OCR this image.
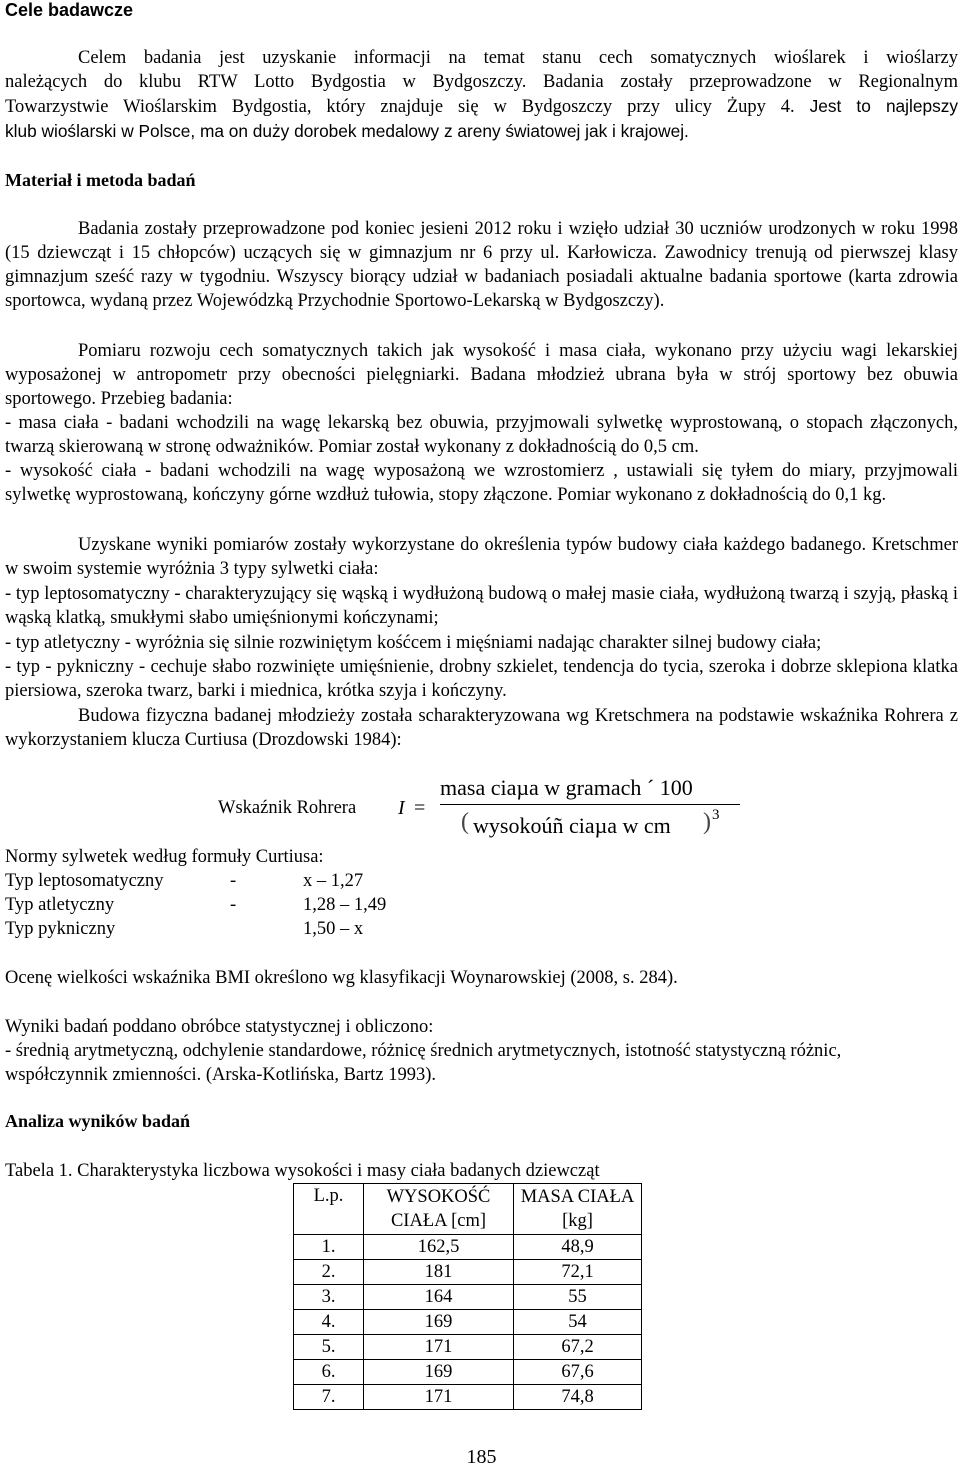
Cele badawcze
Celem badania jest uzyskanie informacji na temat stanu cech somatycznych wioślarek i wioślarzy
należących do klubu RTW Lotto Bydgostia w Bydgoszczy. Badania zostały przeprowadzone w Regionalnym
Towarzystwie Wioślarskim Bydgostia, który znajduje się w Bydgoszczy przy ulicy Żupy 4. Jest to najlepszy
klub wioślarski w Polsce, ma on duży dorobek medalowy z areny światowej jak i krajowej.
Materiał i metoda badań
Badania zostały przeprowadzone pod koniec jesieni 2012 roku i wzięło udział 30 uczniów urodzonych w roku 1998 (15 dziewcząt i 15 chłopców) uczących się w gimnazjum nr 6 przy ul. Karłowicza. Zawodnicy trenują od pierwszej klasy gimnazjum sześć razy w tygodniu. Wszyscy biorący udział w badaniach posiadali aktualne badania sportowe (karta zdrowia sportowca, wydaną przez Wojewódzką Przychodnie Sportowo-Lekarską w Bydgoszczy).
Pomiaru rozwoju cech somatycznych takich jak wysokość i masa ciała, wykonano przy użyciu wagi lekarskiej wyposażonej w antropometr przy obecności pielęgniarki. Badana młodzież ubrana była w strój sportowy bez obuwia sportowego. Przebieg badania:
- masa ciała - badani wchodzili na wagę lekarską bez obuwia, przyjmowali sylwetkę wyprostowaną, o stopach złączonych, twarzą skierowaną w stronę odważników. Pomiar został wykonany z dokładnością do 0,5 cm.
- wysokość ciała - badani wchodzili na wagę wyposażoną we wzrostomierz , ustawiali się tyłem do miary, przyjmowali sylwetkę wyprostowaną, kończyny górne wzdłuż tułowia, stopy złączone. Pomiar wykonano z dokładnością do 0,1 kg.
Uzyskane wyniki pomiarów zostały wykorzystane do określenia typów budowy ciała każdego badanego. Kretschmer w swoim systemie wyróżnia 3 typy sylwetki ciała:
- typ leptosomatyczny - charakteryzujący się wąską i wydłużoną budową o małej masie ciała, wydłużoną twarzą i szyją, płaską i wąską klatką, smukłymi słabo umięśnionymi kończynami;
- typ atletyczny - wyróżnia się silnie rozwiniętym kośćcem i mięśniami nadając charakter silnej budowy ciała;
- typ - pykniczny - cechuje słabo rozwinięte umięśnienie, drobny szkielet, tendencja do tycia, szeroka i dobrze sklepiona klatka piersiowa, szeroka twarz, barki i miednica, krótka szyja i kończyny.
Budowa fizyczna badanej młodzieży została scharakteryzowana wg Kretschmera na podstawie wskaźnika Rohrera z wykorzystaniem klucza Curtiusa (Drozdowski 1984):
Wskaźnik Rohrera I =
masa ciaµa w gramach ´ 100
( wysokoúñ ciaµa w cm ) 3
Normy sylwetek według formuły Curtiusa:
Typ leptosomatyczny	-	x – 1,27
Typ atletyczny	-	1,28 – 1,49
Typ pykniczny	1,50 – x
Ocenę wielkości wskaźnika BMI określono wg klasyfikacji Woynarowskiej (2008, s. 284).
Wyniki badań poddano obróbce statystycznej i obliczono:
- średnią arytmetyczną, odchylenie standardowe, różnicę średnich arytmetycznych, istotność statystyczną różnic,
współczynnik zmienności. (Arska-Kotlińska, Bartz 1993).
Analiza wyników badań
Tabela 1. Charakterystyka liczbowa wysokości i masy ciała badanych dziewcząt
L.p.	WYSOKOŚĆ CIAŁA [cm]	MASA CIAŁA [kg]
1.	162,5	48,9
2.	181	72,1
3.	164	55
4.	169	54
5.	171	67,2
6.	169	67,6
7.	171	74,8
185
